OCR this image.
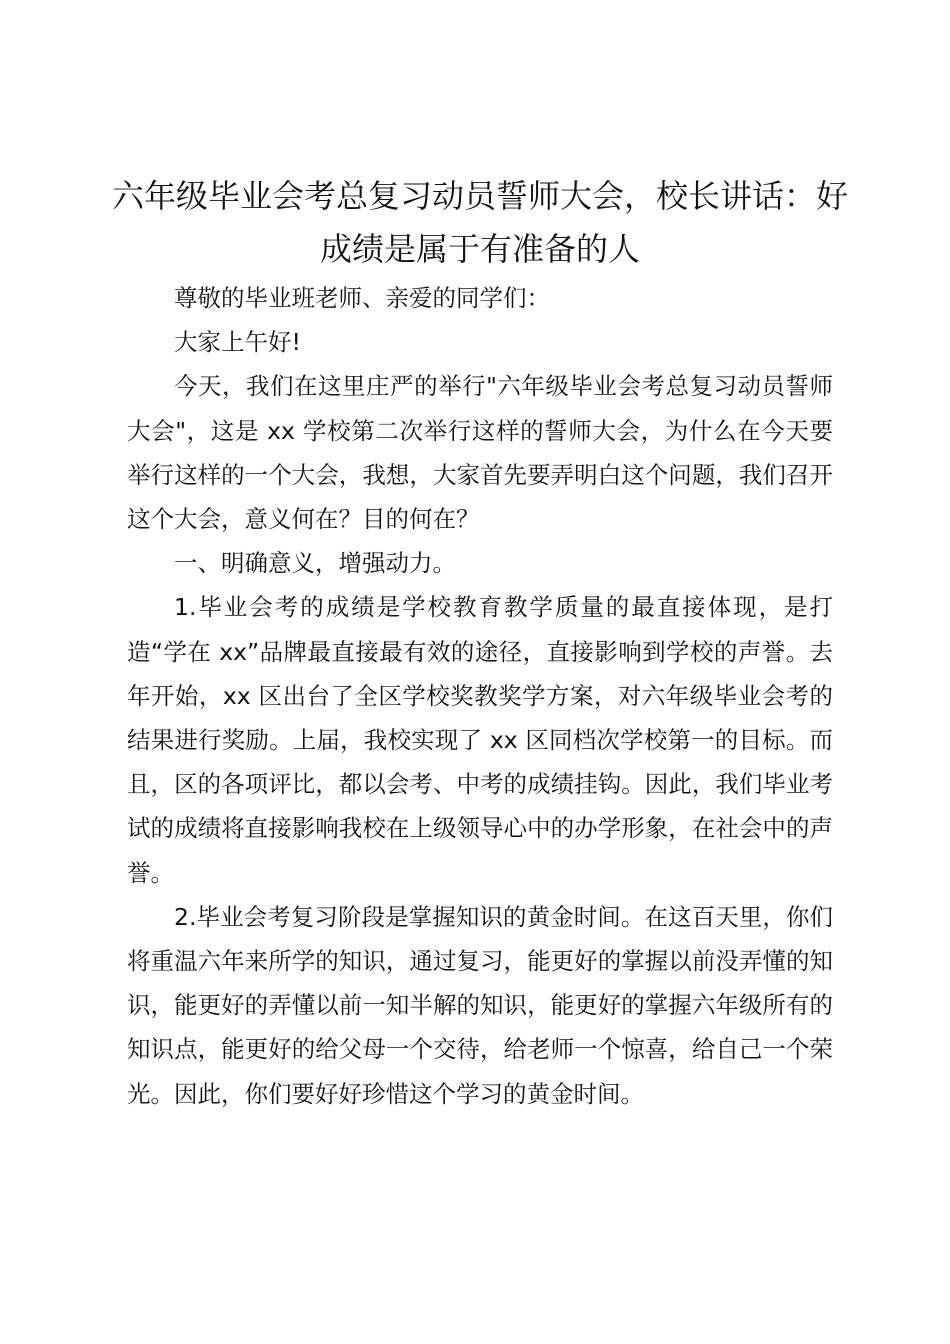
六年级毕业会考总复习动员誓师大会，校长讲话：好成绩是属于有准备的人

尊敬的毕业班老师、亲爱的同学们：

大家上午好!

今天，我们在这里庄严的举行"六年级毕业会考总复习动员誓师大会"，这是 xx 学校第二次举行这样的誓师大会，为什么在今天要举行这样的一个大会，我想，大家首先要弄明白这个问题，我们召开这个大会，意义何在？目的何在？

一、明确意义，增强动力。

1.毕业会考的成绩是学校教育教学质量的最直接体现，是打造“学在 xx”品牌最直接最有效的途径，直接影响到学校的声誉。去年开始，xx 区出台了全区学校奖教奖学方案，对六年级毕业会考的结果进行奖励。上届，我校实现了 xx 区同档次学校第一的目标。而且，区的各项评比，都以会考、中考的成绩挂钩。因此，我们毕业考试的成绩将直接影响我校在上级领导心中的办学形象，在社会中的声誉。

2.毕业会考复习阶段是掌握知识的黄金时间。在这百天里，你们将重温六年来所学的知识，通过复习，能更好的掌握以前没弄懂的知识，能更好的弄懂以前一知半解的知识，能更好的掌握六年级所有的知识点，能更好的给父母一个交待，给老师一个惊喜，给自己一个荣光。因此，你们要好好珍惜这个学习的黄金时间。
